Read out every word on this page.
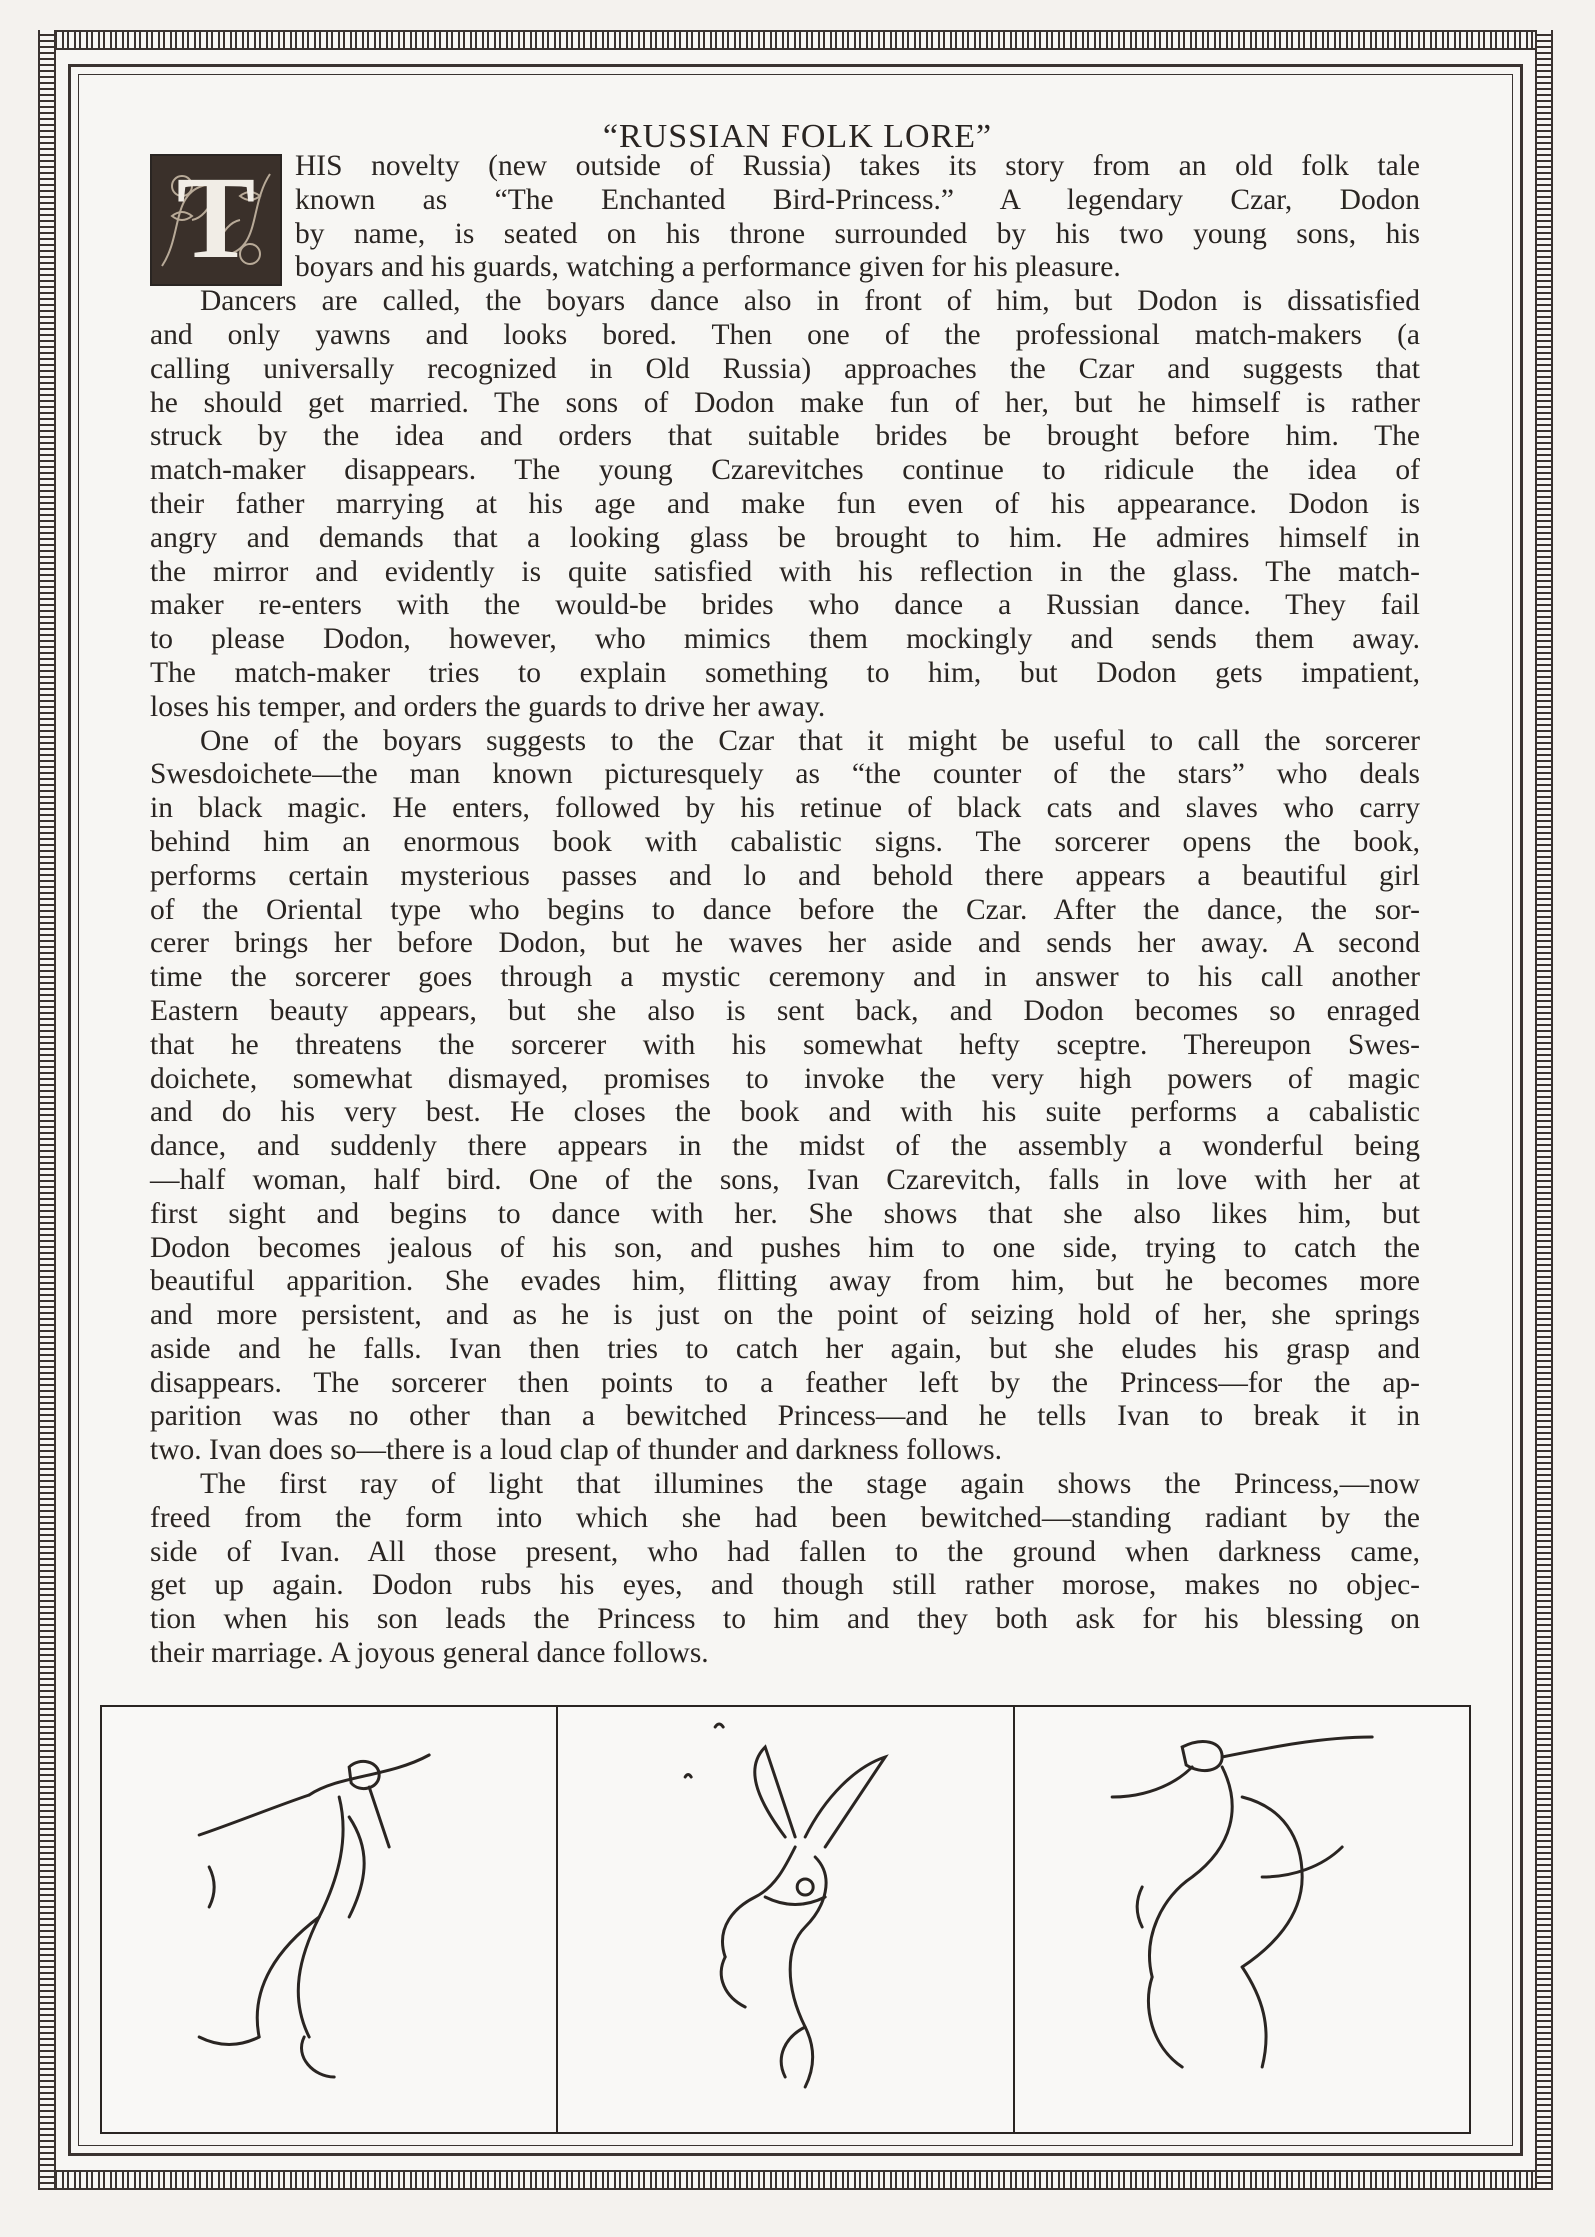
“RUSSIAN FOLK LORE”
T	HIS novelty (new outside of Russia) takes its story from an old folk tale
known as “The Enchanted Bird-Princess.” A legendary Czar, Dodon
by name, is seated on his throne surrounded by his two young sons, his
boyars and his guards, watching a performance given for his pleasure.

Dancers are called, the boyars dance also in front of him, but Dodon is dissatisfied
and only yawns and looks bored. Then one of the professional match-makers (a
calling universally recognized in Old Russia) approaches the Czar and suggests that
he should get married. The sons of Dodon make fun of her, but he himself is rather
struck by the idea and orders that suitable brides be brought before him. The
match-maker disappears. The young Czarevitches continue to ridicule the idea of
their father marrying at his age and make fun even of his appearance. Dodon is
angry and demands that a looking glass be brought to him. He admires himself in
the mirror and evidently is quite satisfied with his reflection in the glass. The match-
maker re-enters with the would-be brides who dance a Russian dance. They fail
to please Dodon, however, who mimics them mockingly and sends them away.
The match-maker tries to explain something to him, but Dodon gets impatient,
loses his temper, and orders the guards to drive her away.

One of the boyars suggests to the Czar that it might be useful to call the sorcerer
Swesdoichete—the man known picturesquely as “the counter of the stars” who deals
in black magic. He enters, followed by his retinue of black cats and slaves who carry
behind him an enormous book with cabalistic signs. The sorcerer opens the book,
performs certain mysterious passes and lo and behold there appears a beautiful girl
of the Oriental type who begins to dance before the Czar. After the dance, the sor-
cerer brings her before Dodon, but he waves her aside and sends her away. A second
time the sorcerer goes through a mystic ceremony and in answer to his call another
Eastern beauty appears, but she also is sent back, and Dodon becomes so enraged
that he threatens the sorcerer with his somewhat hefty sceptre. Thereupon Swes-
doichete, somewhat dismayed, promises to invoke the very high powers of magic
and do his very best. He closes the book and with his suite performs a cabalistic
dance, and suddenly there appears in the midst of the assembly a wonderful being
—half woman, half bird. One of the sons, Ivan Czarevitch, falls in love with her at
first sight and begins to dance with her. She shows that she also likes him, but
Dodon becomes jealous of his son, and pushes him to one side, trying to catch the
beautiful apparition. She evades him, flitting away from him, but he becomes more
and more persistent, and as he is just on the point of seizing hold of her, she springs
aside and he falls. Ivan then tries to catch her again, but she eludes his grasp and
disappears. The sorcerer then points to a feather left by the Princess—for the ap-
parition was no other than a bewitched Princess—and he tells Ivan to break it in
two. Ivan does so—there is a loud clap of thunder and darkness follows.

The first ray of light that illumines the stage again shows the Princess,—now
freed from the form into which she had been bewitched—standing radiant by the
side of Ivan. All those present, who had fallen to the ground when darkness came,
get up again. Dodon rubs his eyes, and though still rather morose, makes no objec-
tion when his son leads the Princess to him and they both ask for his blessing on
their marriage. A joyous general dance follows.
